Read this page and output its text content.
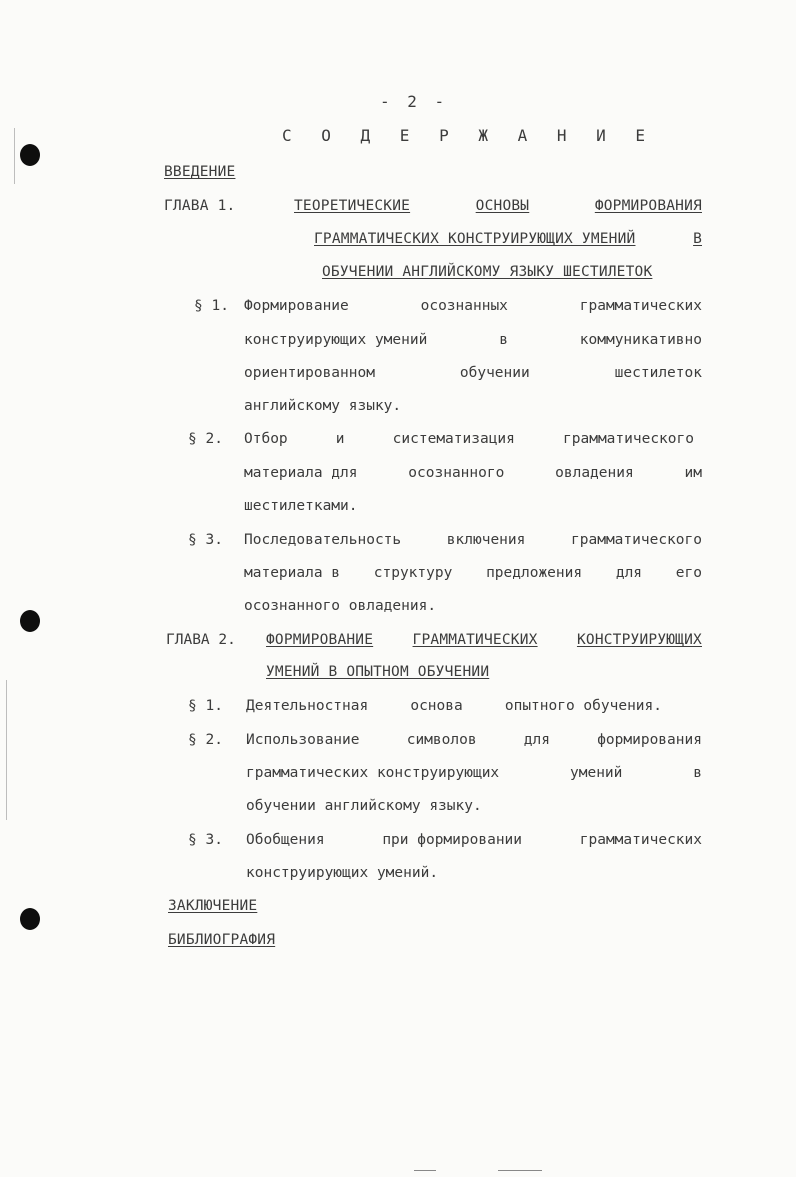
- 2 -
С О Д Е Р Ж А Н И Е
ВВЕДЕНИЕ
ГЛАВА 1.	ТЕОРЕТИЧЕСКИЕ	ОСНОВЫ	ФОРМИРОВАНИЯ
ГРАММАТИЧЕСКИХ КОНСТРУИРУЮЩИХ УМЕНИЙ	В
ОБУЧЕНИИ АНГЛИЙСКОМУ ЯЗЫКУ ШЕСТИЛЕТОК
§ 1. Формирование	осознанных	грамматических
конструирующих умений	в	коммуникативно
ориентированном	обучении	шестилеток
английскому языку.
§ 2. Отбор	и	систематизация	грамматического
материала для	осознанного	овладения	им
шестилетками.
§ 3. Последовательность	включения	грамматического
материала в структуру предложения для его
осознанного овладения.
ГЛАВА 2. ФОРМИРОВАНИЕ	ГРАММАТИЧЕСКИХ	КОНСТРУИРУЮЩИХ
УМЕНИЙ В ОПЫТНОМ ОБУЧЕНИИ
§ 1. Деятельностная	основа	опытного обучения.
§ 2. Использование	символов	для	формирования
грамматических конструирующих	умений	в
обучении английскому языку.
§ 3. Обобщения	при формировании	грамматических
конструирующих умений.
ЗАКЛЮЧЕНИЕ
БИБЛИОГРАФИЯ
